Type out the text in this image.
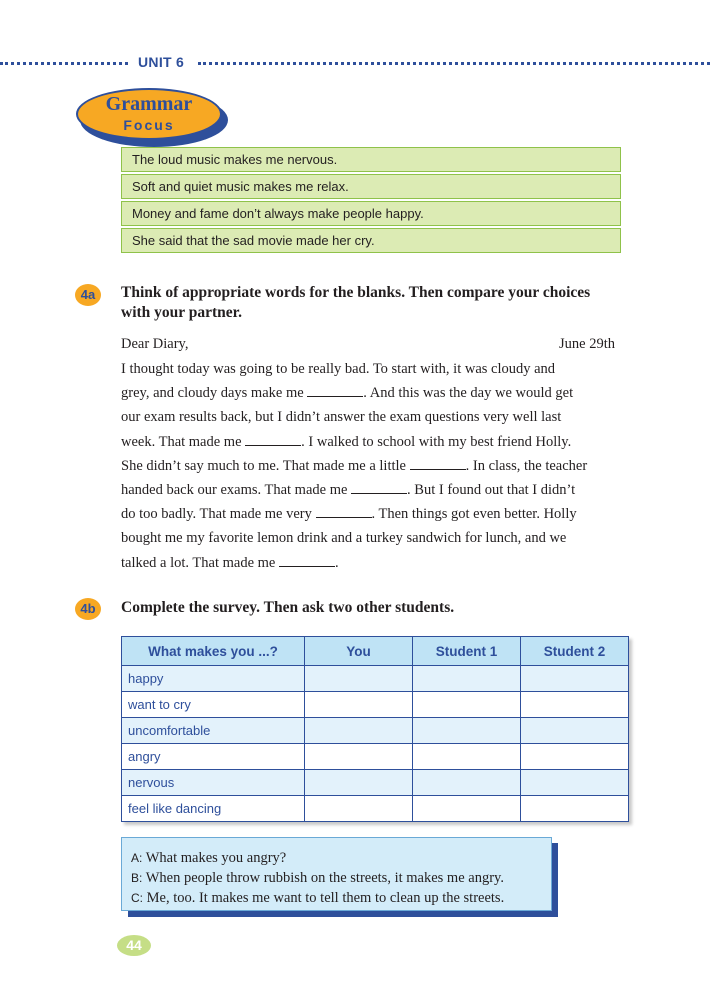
UNIT 6
Grammar
Focus
The loud music makes me nervous.
Soft and quiet music makes me relax.
Money and fame don’t always make people happy.
She said that the sad movie made her cry.
4a	Think of appropriate words for the blanks. Then compare your choices
with your partner.
Dear Diary,	June 29th

I thought today was going to be really bad. To start with, it was cloudy and

grey, and cloudy days make me	. And this was the day we would get

our exam results back, but I didn’t answer the exam questions very well last

week. That made me	. I walked to school with my best friend Holly.

She didn’t say much to me. That made me a little	. In class, the teacher

handed back our exams. That made me	. But I found out that I didn’t

do too badly. That made me very	. Then things got even better. Holly

bought me my favorite lemon drink and a turkey sandwich for lunch, and we

talked a lot. That made me	.

4b	Complete the survey. Then ask two other students.
What makes you ...?	You	Student 1	Student 2
happy			
want to cry			
uncomfortable			
angry			
nervous			
feel like dancing			
A: What makes you angry?
B: When people throw rubbish on the streets, it makes me angry.
C: Me, too. It makes me want to tell them to clean up the streets.
44
